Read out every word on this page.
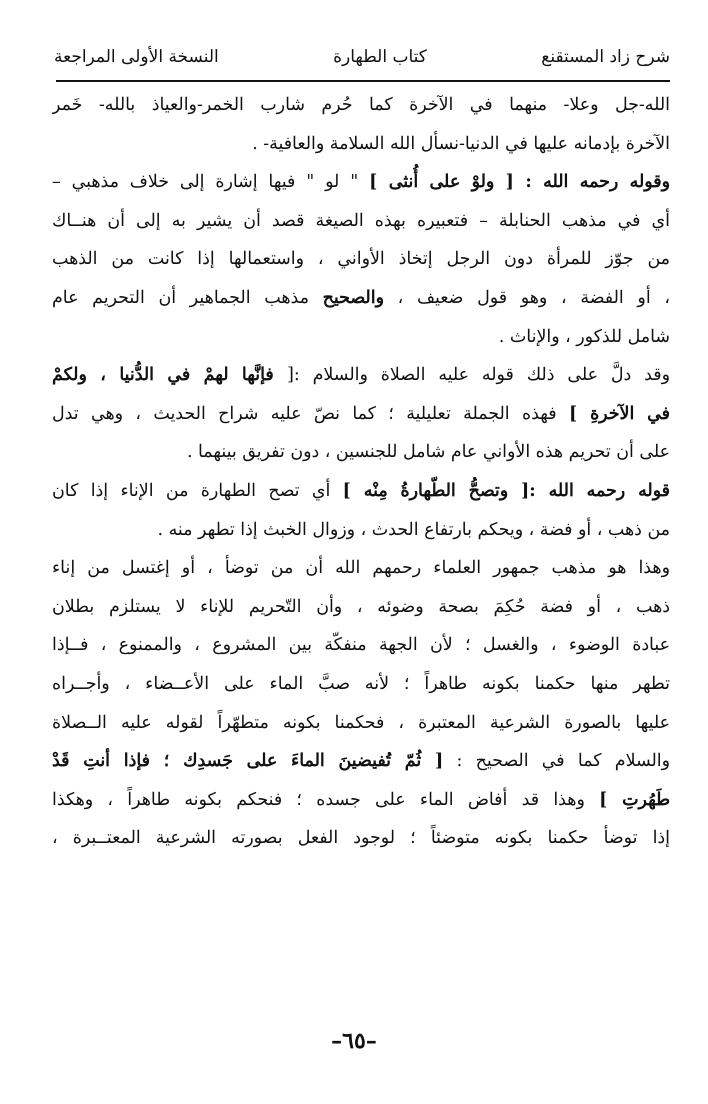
شرح زاد المستقنع
كتاب الطهارة
النسخة الأولى المراجعة
الله-جل وعلا- منهما في الآخرة كما حُرم شارب الخمر-والعياذ بالله- خَمر
الآخرة بإدمانه عليها في الدنيا-نسأل الله السلامة والعافية- .
وقوله رحمه الله : [ ولوْ على أُنثى ] " لو " فيها إشارة إلى خلاف مذهبي –
أي في مذهب الحنابلة – فتعبيره بهذه الصيغة قصد أن يشير به إلى أن هنــاك
من جوّز للمرأة دون الرجل إتخاذ الأواني ، واستعمالها إذا كانت من الذهب
، أو الفضة ، وهو قول ضعيف ، والصحيح مذهب الجماهير أن التحريم عام
شامل للذكور ، والإناث .
وقد دلَّ على ذلك قوله عليه الصلاة والسلام :[ فإنَّها لهمْ في الدُّنيا ، ولكمْ
في الآخرةِ ] فهذه الجملة تعليلية ؛ كما نصّ عليه شراح الحديث ، وهي تدل
على أن تحريم هذه الأواني عام شامل للجنسين ، دون تفريق بينهما .
قوله رحمه الله :[ وتصحُّ الطّهارةُ مِنْه ] أي تصح الطهارة من الإناء إذا كان
من ذهب ، أو فضة ، ويحكم بارتفاع الحدث ، وزوال الخبث إذا تطهر منه .
وهذا هو مذهب جمهور العلماء رحمهم الله أن من توضأ ، أو إغتسل من إناء
ذهب ، أو فضة حُكِمَ بصحة وضوئه ، وأن التّحريم للإناء لا يستلزم بطلان
عبادة الوضوء ، والغسل ؛ لأن الجهة منفكّة بين المشروع ، والممنوع ، فــإذا
تطهر منها حكمنا بكونه طاهراً ؛ لأنه صبَّ الماء على الأعــضاء ، وأجــراه
عليها بالصورة الشرعية المعتبرة ، فحكمنا بكونه متطهّراً لقوله عليه الــصلاة
والسلام كما في الصحيح : [ ثُمّ تُفيضينَ الماءَ على جَسدِك ؛ فإذا أنتِ قَدْ
طَهُرتِ ] وهذا قد أفاض الماء على جسده ؛ فنحكم بكونه طاهراً ، وهكذا
إذا توضأ حكمنا بكونه متوضئاً ؛ لوجود الفعل بصورته الشرعية المعتــبرة ،
–٦٥–
